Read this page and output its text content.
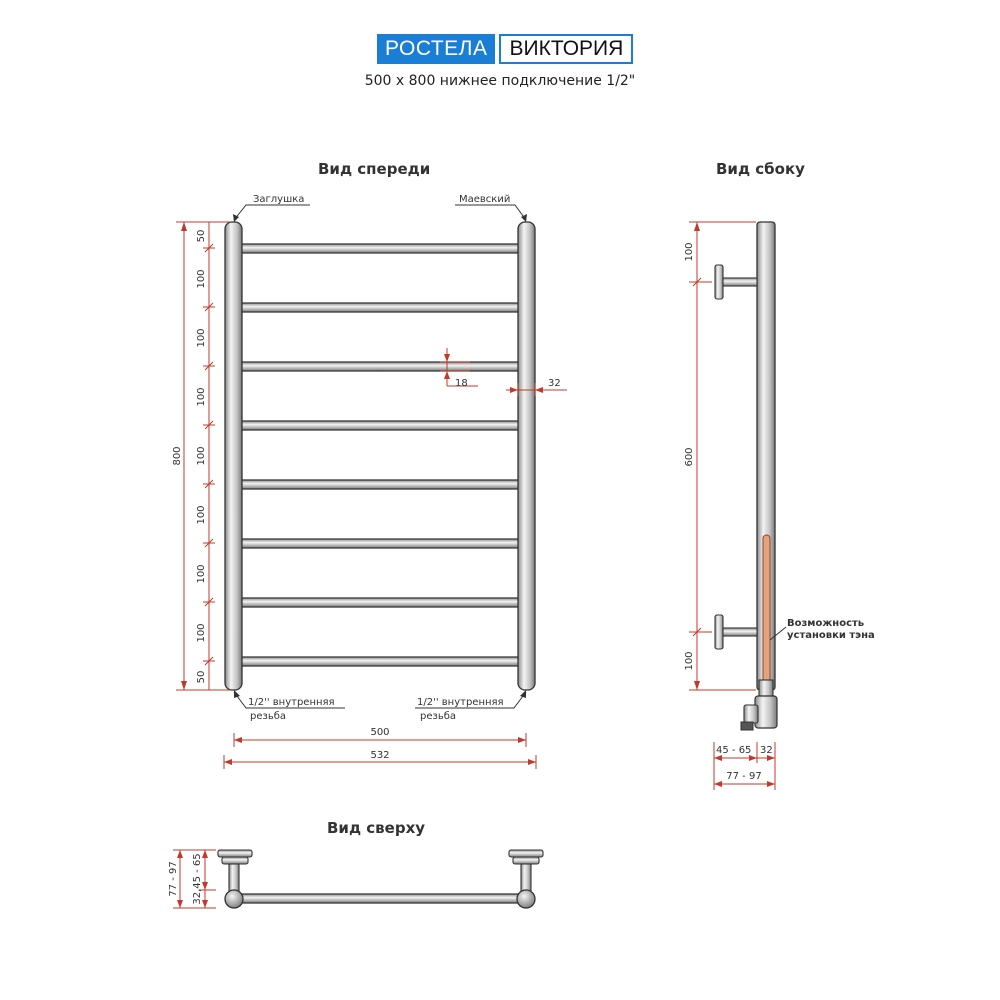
РОСТЕЛА	ВИКТОРИЯ
500 x 800 нижнее подключение 1/2"
Вид спереди	Вид сбоку
Вид сверху
Заглушка	Маевский
1/2'' внутренняя
резьба
1/2'' внутренняя
резьба
800
50
100
100
100
100
100
100
100
50
18	32
500
532
Возможность
установки тэна
100
600
100
45 - 65 32
77 - 97
77 - 97 32,45 - 65
